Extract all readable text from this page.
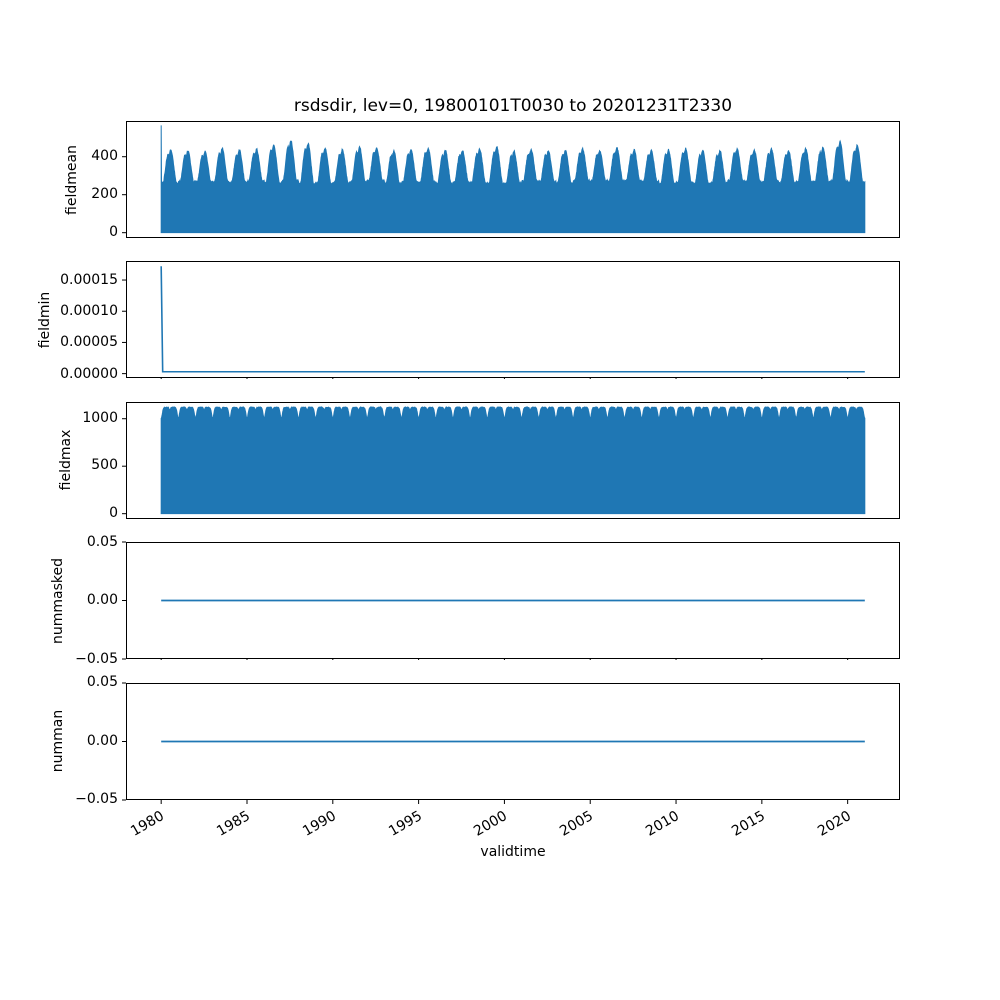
rsdsdir, lev=0, 19800101T0030 to 20201231T2330
0
200
400
fieldmean
0.00000
0.00005
0.00010
0.00015
fieldmin
0
500
1000
fieldmax
−0.05
0.00
0.05
nummasked
−0.05
0.00
0.05
1980	1985	1990	1995	2000	2005	2010	2015	2020
numman
validtime
